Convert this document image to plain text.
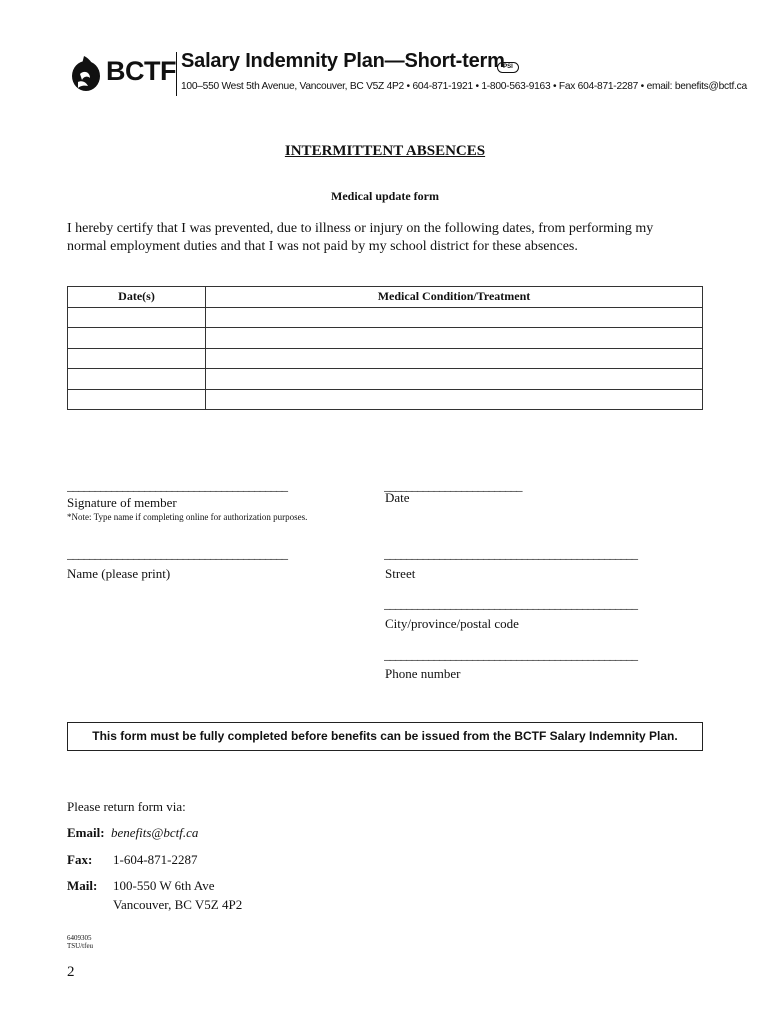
BCTF Salary Indemnity Plan—Short-term
PSI
100–550 West 5th Avenue, Vancouver, BC V5Z 4P2 • 604-871-1921 • 1-800-563-9163 • Fax 604-871-2287 • email: benefits@bctf.ca
INTERMITTENT ABSENCES
Medical update form
I hereby certify that I was prevented, due to illness or injury on the following dates, from performing my normal employment duties and that I was not paid by my school district for these absences.
Date(s)	Medical Condition/Treatment

________________________________________
Signature of member
*Note: Type name if completing online for authorization purposes.
_________________________
Date
________________________________________
Name (please print)
______________________________________________
Street
______________________________________________
City/province/postal code
______________________________________________
Phone number
This form must be fully completed before benefits can be issued from the BCTF Salary Indemnity Plan.
Please return form via:
Email: benefits@bctf.ca
Fax: 1-604-871-2287
Mail: 100-550 W 6th Ave
Vancouver, BC V5Z 4P2
6409305
TSU/tfeu
2
